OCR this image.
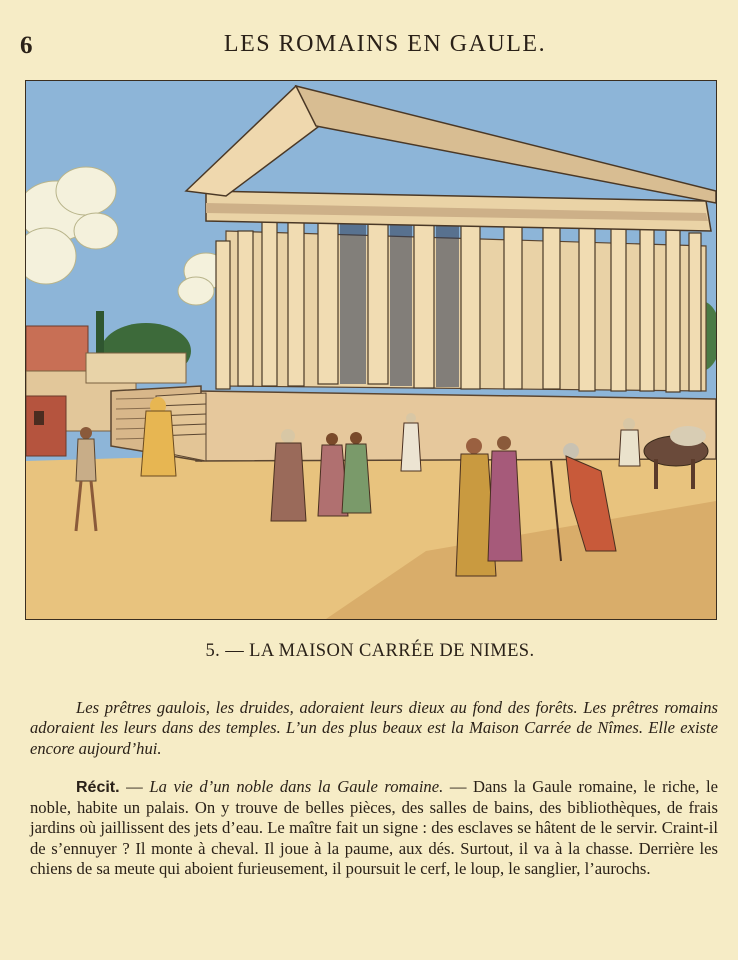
6	LES ROMAINS EN GAULE.
5. — LA MAISON CARRÉE DE NIMES.

Les prêtres gaulois, les druides, adoraient leurs dieux au fond des forêts. Les prêtres romains adoraient les leurs dans des temples. L’un des plus beaux est la Maison Carrée de Nîmes. Elle existe encore aujourd’hui.

Récit. — La vie d’un noble dans la Gaule romaine. — Dans la Gaule romaine, le riche, le noble, habite un palais. On y trouve de belles pièces, des salles de bains, des bibliothèques, de frais jardins où jaillissent des jets d’eau. Le maître fait un signe : des esclaves se hâtent de le servir. Craint-il de s’ennuyer ? Il monte à cheval. Il joue à la paume, aux dés. Surtout, il va à la chasse. Derrière les chiens de sa meute qui aboient furieusement, il poursuit le cerf, le loup, le sanglier, l’aurochs.
